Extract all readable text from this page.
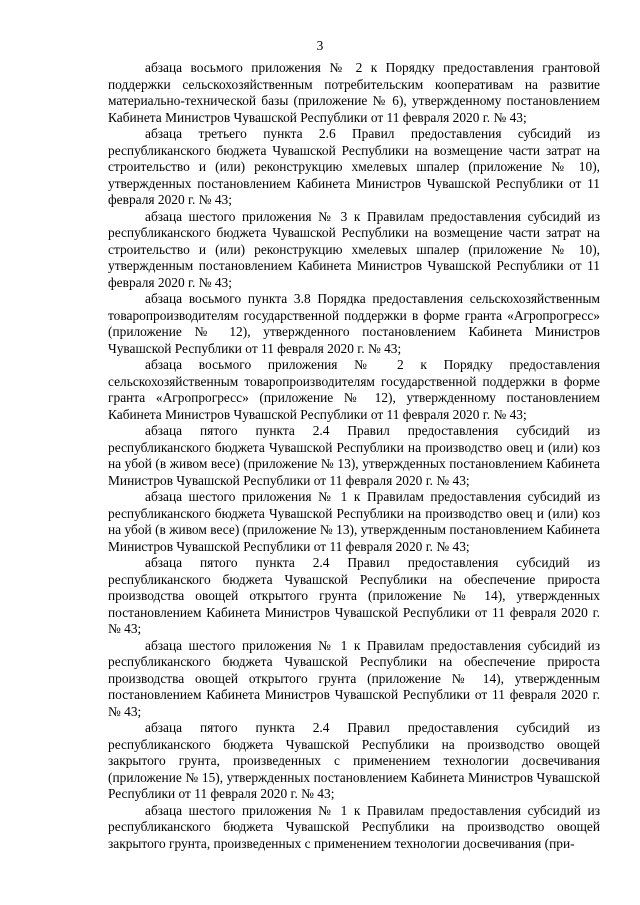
3

абзаца восьмого приложения № 2 к Порядку предоставления грантовой поддержки сельскохозяйственным потребительским кооперативам на развитие материально-технической базы (приложение № 6), утвержденному постановлением Кабинета Министров Чувашской Республики от 11 февраля 2020 г. № 43;

абзаца третьего пункта 2.6 Правил предоставления субсидий из республиканского бюджета Чувашской Республики на возмещение части затрат на строительство и (или) реконструкцию хмелевых шпалер (приложение № 10), утвержденных постановлением Кабинета Министров Чувашской Республики от 11 февраля 2020 г. № 43;

абзаца шестого приложения № 3 к Правилам предоставления субсидий из республиканского бюджета Чувашской Республики на возмещение части затрат на строительство и (или) реконструкцию хмелевых шпалер (приложение № 10), утвержденным постановлением Кабинета Министров Чувашской Республики от 11 февраля 2020 г. № 43;

абзаца восьмого пункта 3.8 Порядка предоставления сельскохозяйственным товаропроизводителям государственной поддержки в форме гранта «Агропрогресс» (приложение № 12), утвержденного постановлением Кабинета Министров Чувашской Республики от 11 февраля 2020 г. № 43;

абзаца восьмого приложения № 2 к Порядку предоставления сельскохозяйственным товаропроизводителям государственной поддержки в форме гранта «Агропрогресс» (приложение № 12), утвержденному постановлением Кабинета Министров Чувашской Республики от 11 февраля 2020 г. № 43;

абзаца пятого пункта 2.4 Правил предоставления субсидий из республиканского бюджета Чувашской Республики на производство овец и (или) коз на убой (в живом весе) (приложение № 13), утвержденных постановлением Кабинета Министров Чувашской Республики от 11 февраля 2020 г. № 43;

абзаца шестого приложения № 1 к Правилам предоставления субсидий из республиканского бюджета Чувашской Республики на производство овец и (или) коз на убой (в живом весе) (приложение № 13), утвержденным постановлением Кабинета Министров Чувашской Республики от 11 февраля 2020 г. № 43;

абзаца пятого пункта 2.4 Правил предоставления субсидий из республиканского бюджета Чувашской Республики на обеспечение прироста производства овощей открытого грунта (приложение № 14), утвержденных постановлением Кабинета Министров Чувашской Республики от 11 февраля 2020 г. № 43;

абзаца шестого приложения № 1 к Правилам предоставления субсидий из республиканского бюджета Чувашской Республики на обеспечение прироста производства овощей открытого грунта (приложение № 14), утвержденным постановлением Кабинета Министров Чувашской Республики от 11 февраля 2020 г. № 43;

абзаца пятого пункта 2.4 Правил предоставления субсидий из республиканского бюджета Чувашской Республики на производство овощей закрытого грунта, произведенных с применением технологии досвечивания (приложение № 15), утвержденных постановлением Кабинета Министров Чувашской Республики от 11 февраля 2020 г. № 43;

абзаца шестого приложения № 1 к Правилам предоставления субсидий из республиканского бюджета Чувашской Республики на производство овощей закрытого грунта, произведенных с применением технологии досвечивания (при-
